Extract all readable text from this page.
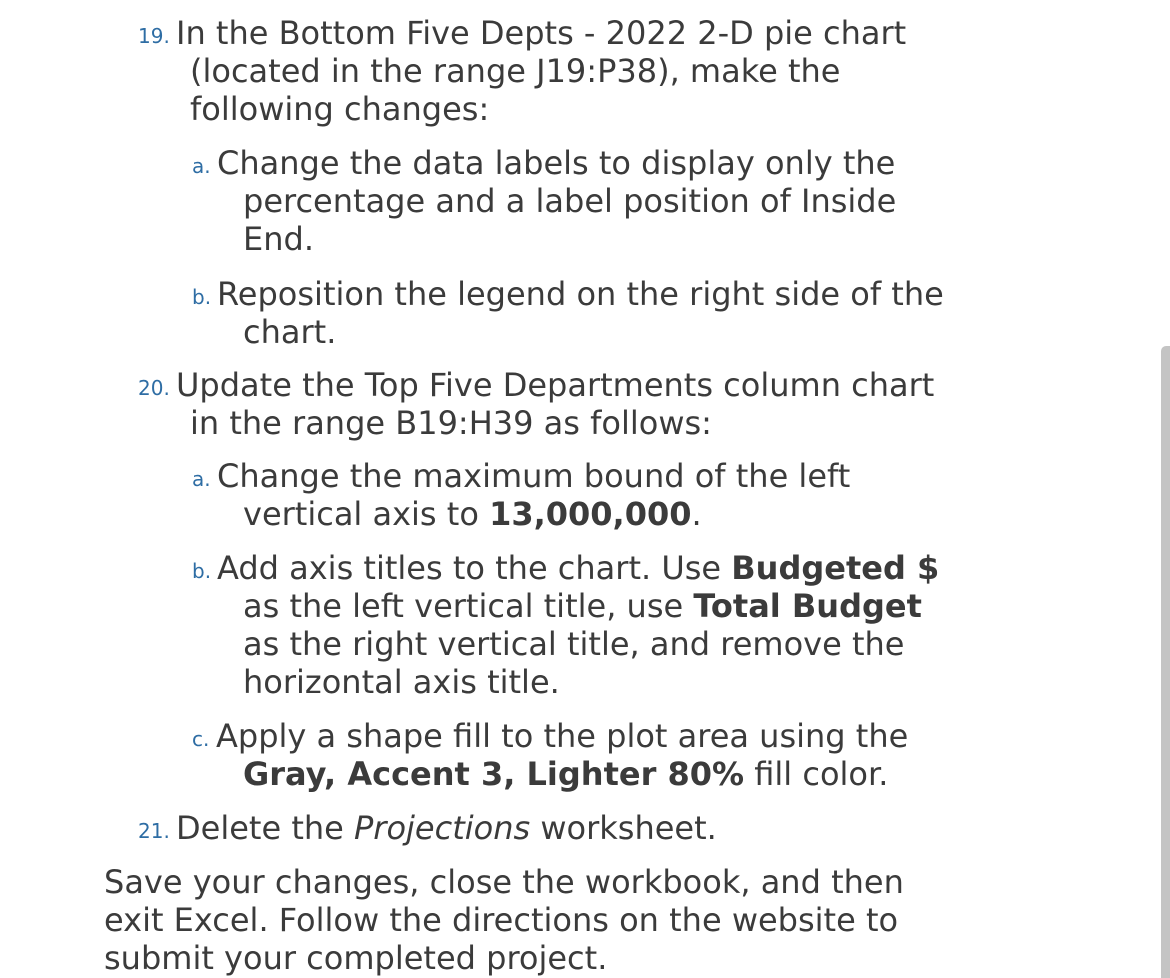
19. In the Bottom Five Depts - 2022 2-D pie chart
(located in the range J19:P38), make the
following changes:
a. Change the data labels to display only the
percentage and a label position of Inside
End.
b. Reposition the legend on the right side of the
chart.
20. Update the Top Five Departments column chart
in the range B19:H39 as follows:
a. Change the maximum bound of the left
vertical axis to 13,000,000.
b. Add axis titles to the chart. Use Budgeted $
as the left vertical title, use Total Budget
as the right vertical title, and remove the
horizontal axis title.
c. Apply a shape fill to the plot area using the
Gray, Accent 3, Lighter 80% fill color.
21. Delete the Projections worksheet.
Save your changes, close the workbook, and then
exit Excel. Follow the directions on the website to
submit your completed project.
